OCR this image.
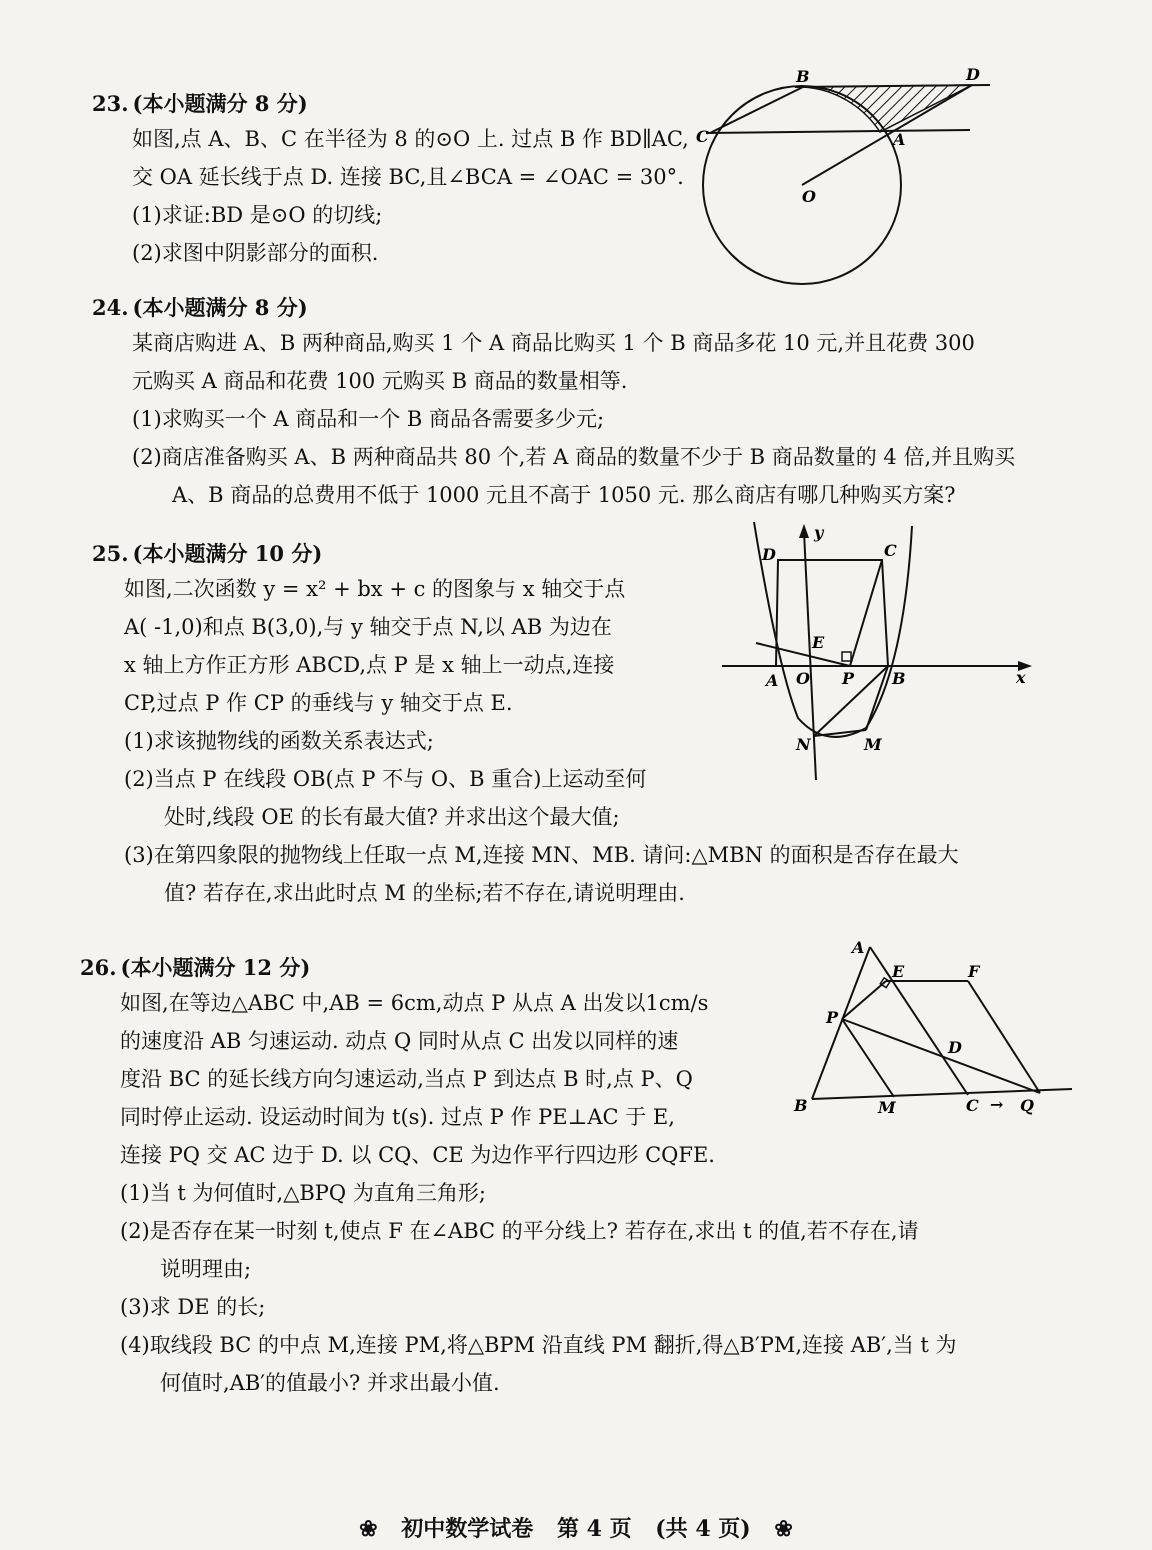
23. (本小题满分 8 分)
如图,点 A、B、C 在半径为 8 的⊙O 上. 过点 B 作 BD∥AC,
交 OA 延长线于点 D. 连接 BC,且∠BCA = ∠OAC = 30°.
(1)求证:BD 是⊙O 的切线;
(2)求图中阴影部分的面积.
B	D
C	A
O
24. (本小题满分 8 分)
某商店购进 A、B 两种商品,购买 1 个 A 商品比购买 1 个 B 商品多花 10 元,并且花费 300
元购买 A 商品和花费 100 元购买 B 商品的数量相等.
(1)求购买一个 A 商品和一个 B 商品各需要多少元;
(2)商店准备购买 A、B 两种商品共 80 个,若 A 商品的数量不少于 B 商品数量的 4 倍,并且购买
A、B 商品的总费用不低于 1000 元且不高于 1050 元. 那么商店有哪几种购买方案?
25. (本小题满分 10 分)
如图,二次函数 y = x² + bx + c 的图象与 x 轴交于点
A( -1,0)和点 B(3,0),与 y 轴交于点 N,以 AB 为边在
x 轴上方作正方形 ABCD,点 P 是 x 轴上一动点,连接
CP,过点 P 作 CP 的垂线与 y 轴交于点 E.
(1)求该抛物线的函数关系表达式;
(2)当点 P 在线段 OB(点 P 不与 O、B 重合)上运动至何
处时,线段 OE 的长有最大值? 并求出这个最大值;
(3)在第四象限的抛物线上任取一点 M,连接 MN、MB. 请问:△MBN 的面积是否存在最大
值? 若存在,求出此时点 M 的坐标;若不存在,请说明理由.
y
x
D	C
E
A O P B
N	M
26. (本小题满分 12 分)
如图,在等边△ABC 中,AB = 6cm,动点 P 从点 A 出发以1cm/s
的速度沿 AB 匀速运动. 动点 Q 同时从点 C 出发以同样的速
度沿 BC 的延长线方向匀速运动,当点 P 到达点 B 时,点 P、Q
同时停止运动. 设运动时间为 t(s). 过点 P 作 PE⊥AC 于 E,
连接 PQ 交 AC 边于 D. 以 CQ、CE 为边作平行四边形 CQFE.
(1)当 t 为何值时,△BPQ 为直角三角形;
(2)是否存在某一时刻 t,使点 F 在∠ABC 的平分线上? 若存在,求出 t 的值,若不存在,请
说明理由;
(3)求 DE 的长;
(4)取线段 BC 的中点 M,连接 PM,将△BPM 沿直线 PM 翻折,得△B′PM,连接 AB′,当 t 为
何值时,AB′的值最小? 并求出最小值.
A
E	F
P
D
B	M	C → Q
❀ 初中数学试卷 第 4 页 (共 4 页) ❀
